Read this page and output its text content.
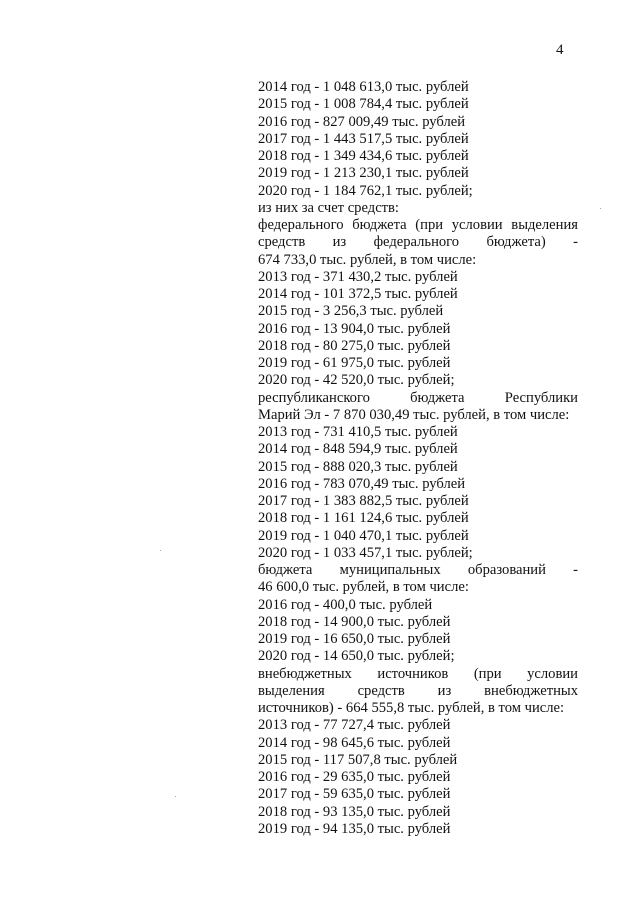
4
2014 год - 1 048 613,0 тыс. рублей
2015 год - 1 008 784,4 тыс. рублей
2016 год - 827 009,49 тыс. рублей
2017 год - 1 443 517,5 тыс. рублей
2018 год - 1 349 434,6 тыс. рублей
2019 год - 1 213 230,1 тыс. рублей
2020 год - 1 184 762,1 тыс. рублей;
из них за счет средств:
федерального бюджета (при условии выделения
средств из федерального бюджета) -
674 733,0 тыс. рублей, в том числе:
2013 год - 371 430,2 тыс. рублей
2014 год - 101 372,5 тыс. рублей
2015 год - 3 256,3 тыс. рублей
2016 год - 13 904,0 тыс. рублей
2018 год - 80 275,0 тыс. рублей
2019 год - 61 975,0 тыс. рублей
2020 год - 42 520,0 тыс. рублей;
республиканского бюджета Республики
Марий Эл - 7 870 030,49 тыс. рублей, в том числе:
2013 год - 731 410,5 тыс. рублей
2014 год - 848 594,9 тыс. рублей
2015 год - 888 020,3 тыс. рублей
2016 год - 783 070,49 тыс. рублей
2017 год - 1 383 882,5 тыс. рублей
2018 год - 1 161 124,6 тыс. рублей
2019 год - 1 040 470,1 тыс. рублей
2020 год - 1 033 457,1 тыс. рублей;
бюджета муниципальных образований -
46 600,0 тыс. рублей, в том числе:
2016 год - 400,0 тыс. рублей
2018 год - 14 900,0 тыс. рублей
2019 год - 16 650,0 тыс. рублей
2020 год - 14 650,0 тыс. рублей;
внебюджетных источников (при условии
выделения средств из внебюджетных
источников) - 664 555,8 тыс. рублей, в том числе:
2013 год - 77 727,4 тыс. рублей
2014 год - 98 645,6 тыс. рублей
2015 год - 117 507,8 тыс. рублей
2016 год - 29 635,0 тыс. рублей
2017 год - 59 635,0 тыс. рублей
2018 год - 93 135,0 тыс. рублей
2019 год - 94 135,0 тыс. рублей
